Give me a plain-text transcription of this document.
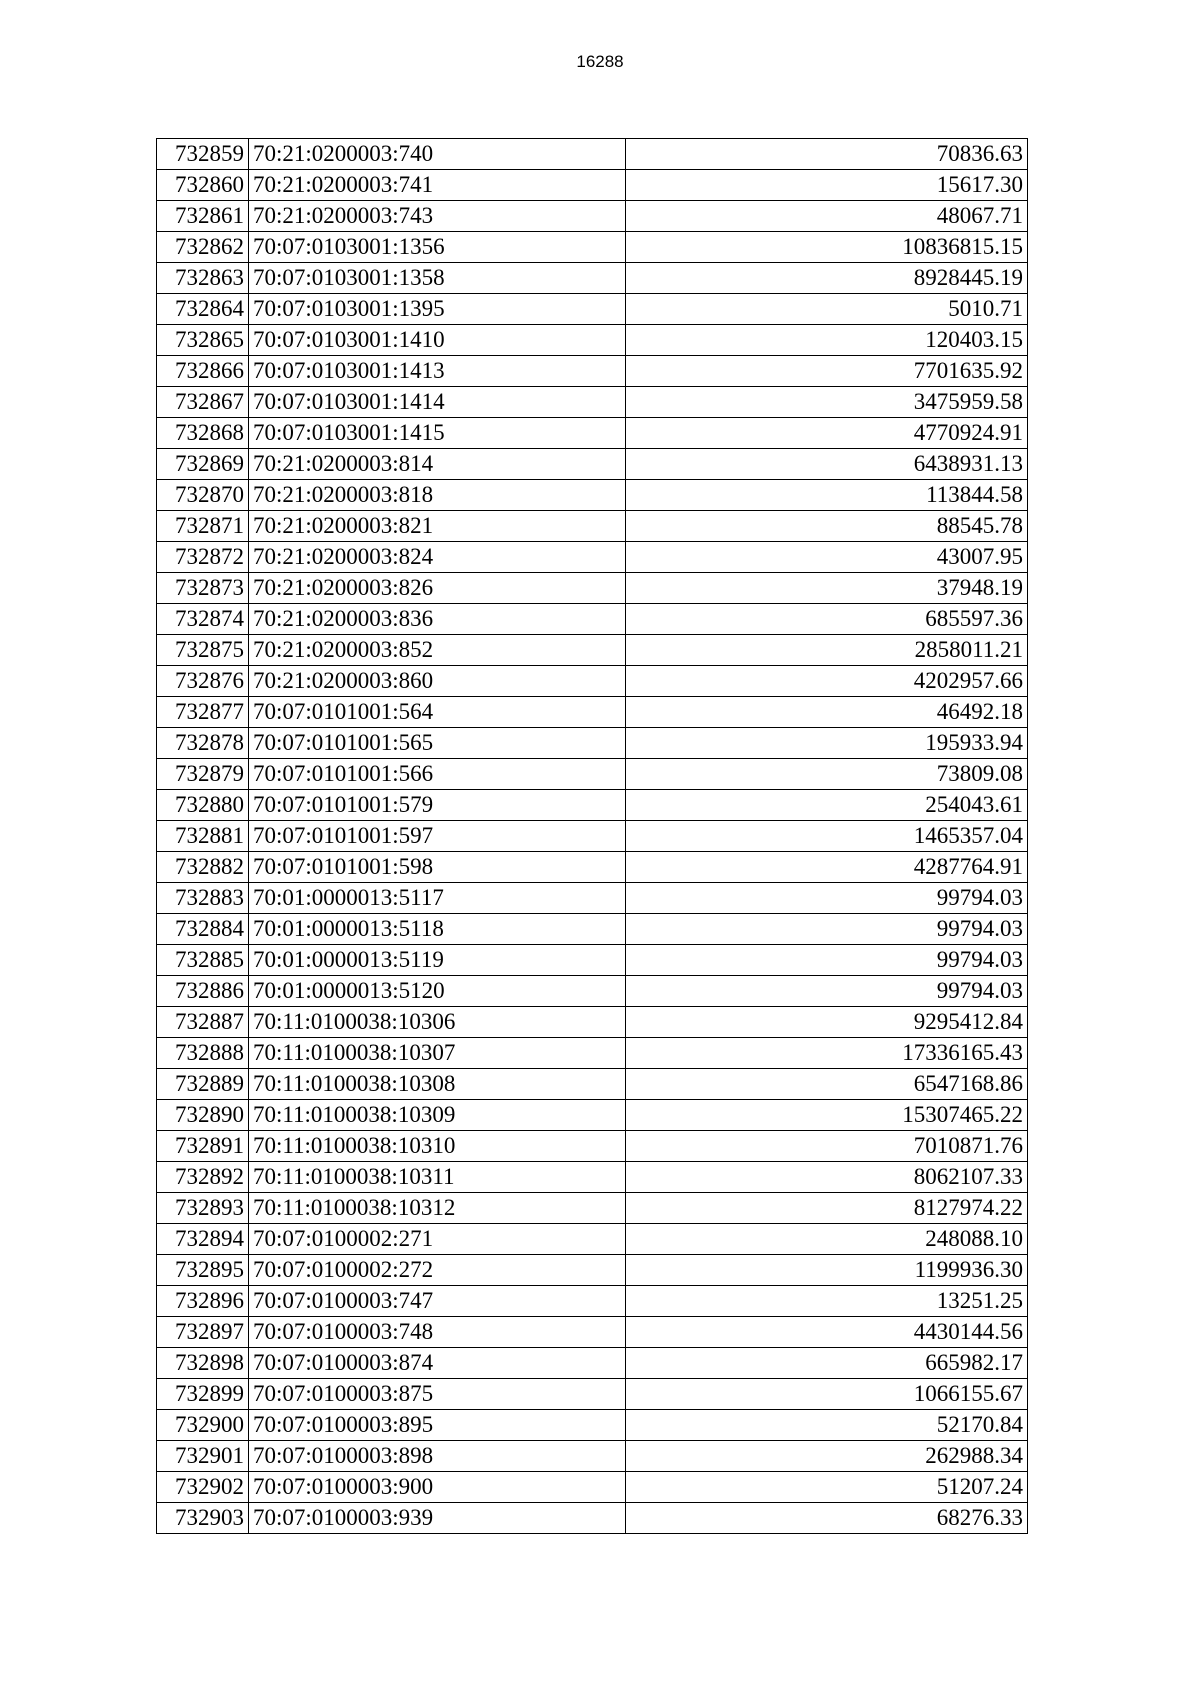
16288
732859	70:21:0200003:740	70836.63
732860	70:21:0200003:741	15617.30
732861	70:21:0200003:743	48067.71
732862	70:07:0103001:1356	10836815.15
732863	70:07:0103001:1358	8928445.19
732864	70:07:0103001:1395	5010.71
732865	70:07:0103001:1410	120403.15
732866	70:07:0103001:1413	7701635.92
732867	70:07:0103001:1414	3475959.58
732868	70:07:0103001:1415	4770924.91
732869	70:21:0200003:814	6438931.13
732870	70:21:0200003:818	113844.58
732871	70:21:0200003:821	88545.78
732872	70:21:0200003:824	43007.95
732873	70:21:0200003:826	37948.19
732874	70:21:0200003:836	685597.36
732875	70:21:0200003:852	2858011.21
732876	70:21:0200003:860	4202957.66
732877	70:07:0101001:564	46492.18
732878	70:07:0101001:565	195933.94
732879	70:07:0101001:566	73809.08
732880	70:07:0101001:579	254043.61
732881	70:07:0101001:597	1465357.04
732882	70:07:0101001:598	4287764.91
732883	70:01:0000013:5117	99794.03
732884	70:01:0000013:5118	99794.03
732885	70:01:0000013:5119	99794.03
732886	70:01:0000013:5120	99794.03
732887	70:11:0100038:10306	9295412.84
732888	70:11:0100038:10307	17336165.43
732889	70:11:0100038:10308	6547168.86
732890	70:11:0100038:10309	15307465.22
732891	70:11:0100038:10310	7010871.76
732892	70:11:0100038:10311	8062107.33
732893	70:11:0100038:10312	8127974.22
732894	70:07:0100002:271	248088.10
732895	70:07:0100002:272	1199936.30
732896	70:07:0100003:747	13251.25
732897	70:07:0100003:748	4430144.56
732898	70:07:0100003:874	665982.17
732899	70:07:0100003:875	1066155.67
732900	70:07:0100003:895	52170.84
732901	70:07:0100003:898	262988.34
732902	70:07:0100003:900	51207.24
732903	70:07:0100003:939	68276.33
